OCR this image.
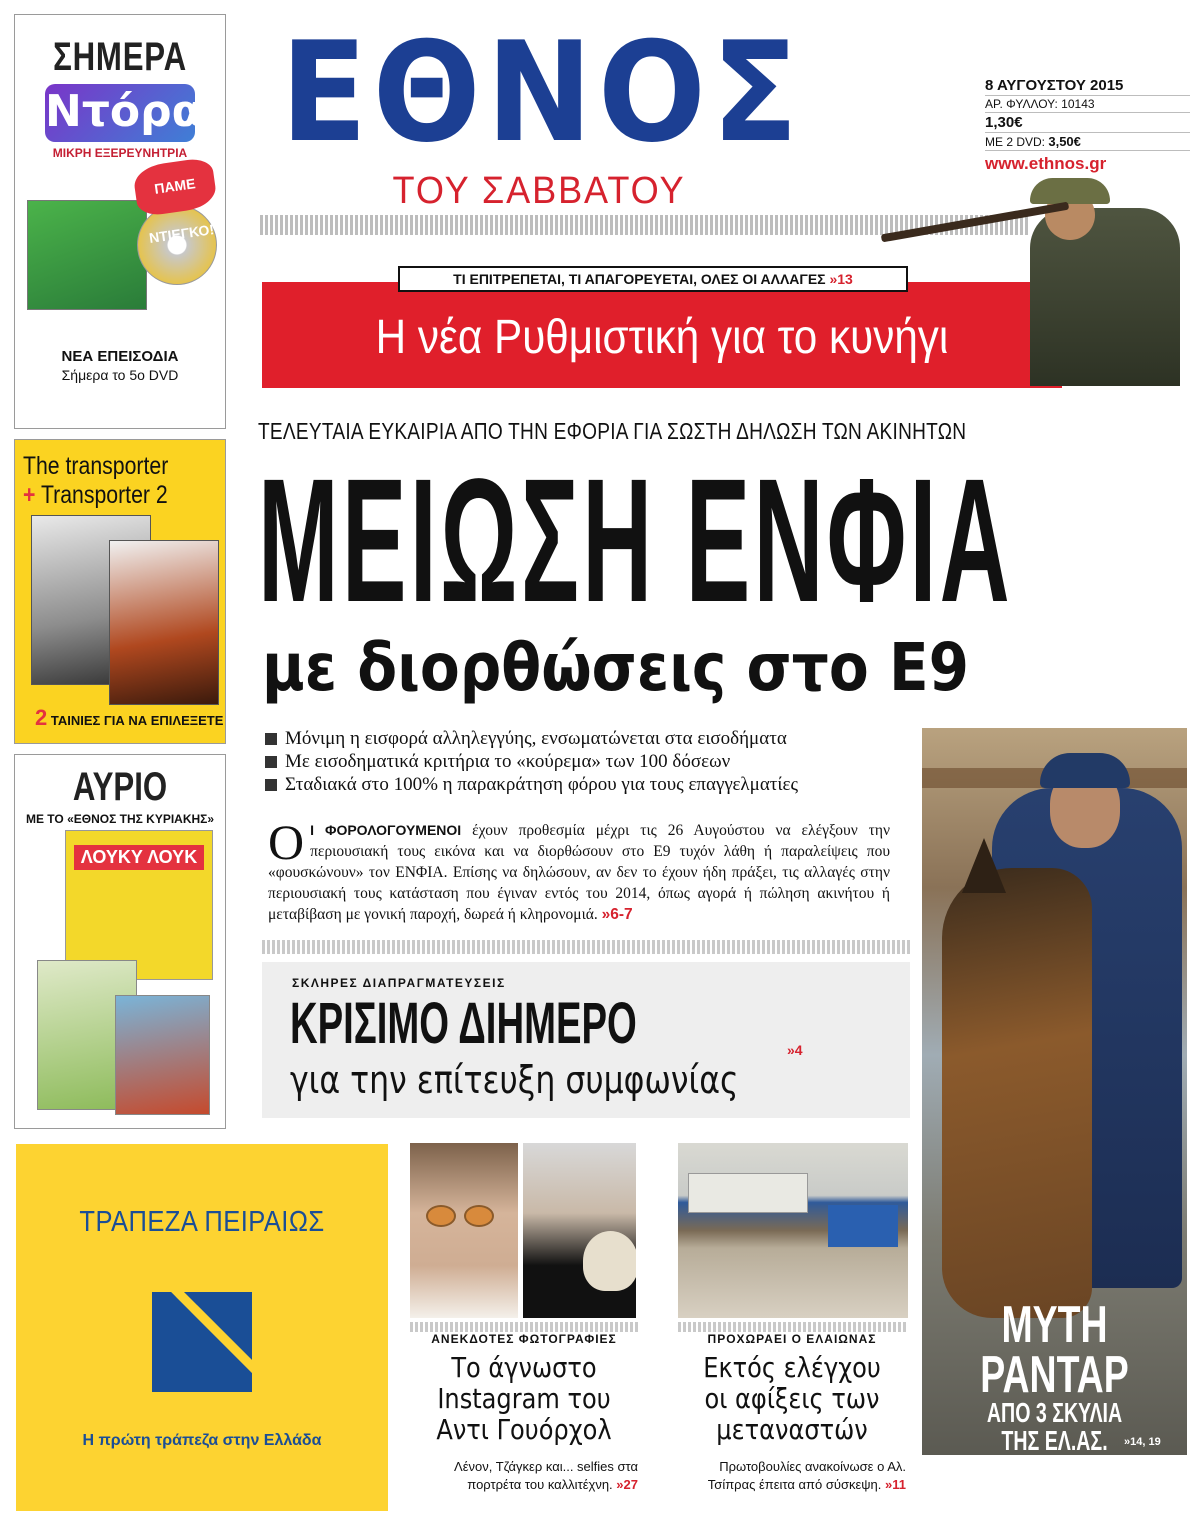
ΣΗΜΕΡΑ
Ντόρα
ΜΙΚΡΗ ΕΞΕΡΕΥΝΗΤΡΙΑ
ΠΑΜΕ ΝΤΙΕΓΚΟ!
ΝΕΑ ΕΠΕΙΣΟΔΙΑ
Σήμερα το 5ο DVD
The transporter
+ Transporter 2
2 ΤΑΙΝΙΕΣ ΓΙΑ ΝΑ ΕΠΙΛΕΞΕΤΕ
ΑΥΡΙΟ
ΜΕ ΤΟ «ΕΘΝΟΣ ΤΗΣ ΚΥΡΙΑΚΗΣ»
ΛΟΥΚΥ ΛΟΥΚ
ΕΘΝΟΣ
ΤΟΥ ΣΑΒΒΑΤΟΥ
8 ΑΥΓΟΥΣΤΟΥ 2015
ΑΡ. ΦΥΛΛΟΥ: 10143
1,30€
ΜΕ 2 DVD: 3,50€
www.ethnos.gr
ΤΙ ΕΠΙΤΡΕΠΕΤΑΙ, ΤΙ ΑΠΑΓΟΡΕΥΕΤΑΙ, ΟΛΕΣ ΟΙ ΑΛΛΑΓΕΣ »13
Η νέα Ρυθμιστική για το κυνήγι
ΤΕΛΕΥΤΑΙΑ ΕΥΚΑΙΡΙΑ ΑΠΟ ΤΗΝ ΕΦΟΡΙΑ ΓΙΑ ΣΩΣΤΗ ΔΗΛΩΣΗ ΤΩΝ ΑΚΙΝΗΤΩΝ
ΜΕΙΩΣΗ ΕΝΦΙΑ
με διορθώσεις στο Ε9
Μόνιμη η εισφορά αλληλεγγύης, ενσωματώνεται στα εισοδήματα
Με εισοδηματικά κριτήρια το «κούρεμα» των 100 δόσεων
Σταδιακά στο 100% η παρακράτηση φόρου για τους επαγγελματίες
Ο Ι ΦΟΡΟΛΟΓΟΥΜΕΝΟΙ έχουν προθεσμία μέχρι τις 26 Αυγούστου να ελέγξουν την περιουσιακή τους εικόνα και να διορθώσουν στο Ε9 τυχόν λάθη ή παραλείψεις που «φουσκώνουν» τον ΕΝΦΙΑ. Επίσης να δηλώσουν, αν δεν το έχουν ήδη πράξει, τις αλλαγές στην περιουσιακή τους κατάσταση που έγιναν εντός του 2014, όπως αγορά ή πώληση ακινήτου ή μεταβίβαση με γονική παροχή, δωρεά ή κληρονομιά. »6-7
ΣΚΛΗΡΕΣ ΔΙΑΠΡΑΓΜΑΤΕΥΣΕΙΣ
ΚΡΙΣΙΜΟ ΔΙΗΜΕΡΟ	»4
για την επίτευξη συμφωνίας
ΜΥΤΗ
ΡΑΝΤΑΡ
ΑΠΟ 3 ΣΚΥΛΙΑ
ΤΗΣ ΕΛ.ΑΣ.	»14, 19
ΤΡΑΠΕΖΑ ΠΕΙΡΑΙΩΣ
Η πρώτη τράπεζα στην Ελλάδα
ΑΝΕΚΔΟΤΕΣ ΦΩΤΟΓΡΑΦΙΕΣ
Το άγνωστο
Instagram του
Αντι Γουόρχολ
Λένον, Τζάγκερ και... selfies στα
πορτρέτα του καλλιτέχνη. »27
ΠΡΟΧΩΡΑΕΙ Ο ΕΛΑΙΩΝΑΣ
Εκτός ελέγχου
οι αφίξεις των
μεταναστών
Πρωτοβουλίες ανακοίνωσε ο Αλ.
Τσίπρας έπειτα από σύσκεψη. »11
